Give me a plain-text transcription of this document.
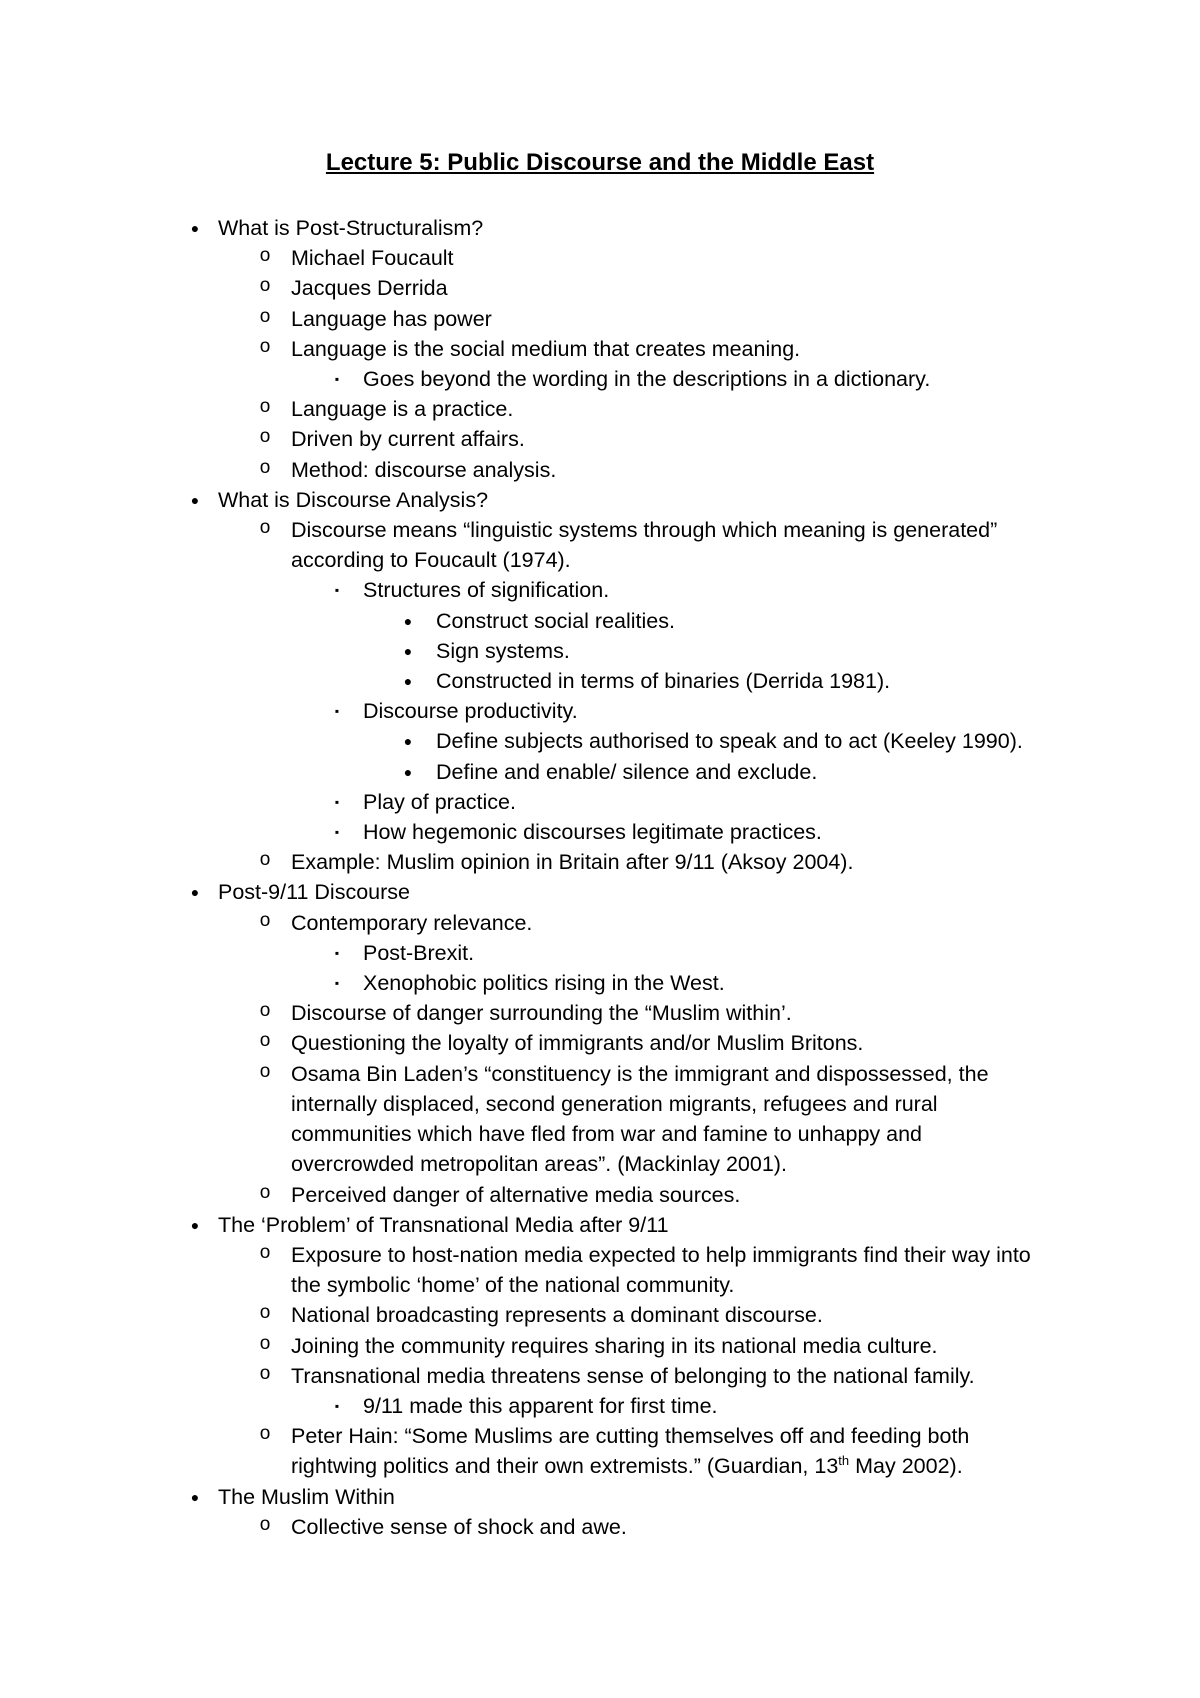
Lecture 5: Public Discourse and the Middle East
● What is Post-Structuralism?
o Michael Foucault
o Jacques Derrida
o Language has power
o Language is the social medium that creates meaning.
▪	Goes beyond the wording in the descriptions in a dictionary.
o Language is a practice.
o Driven by current affairs.
o Method: discourse analysis.
● What is Discourse Analysis?
o Discourse means “linguistic systems through which meaning is generated” according to Foucault (1974).
▪	Structures of signification.
●	Construct social realities.
●	Sign systems.
●	Constructed in terms of binaries (Derrida 1981).
▪	Discourse productivity.
●	Define subjects authorised to speak and to act (Keeley 1990).
●	Define and enable/ silence and exclude.
▪	Play of practice.
▪	How hegemonic discourses legitimate practices.
o Example: Muslim opinion in Britain after 9/11 (Aksoy 2004).
● Post-9/11 Discourse
o Contemporary relevance.
▪	Post-Brexit.
▪	Xenophobic politics rising in the West.
o Discourse of danger surrounding the “Muslim within’.
o Questioning the loyalty of immigrants and/or Muslim Britons.
o Osama Bin Laden’s “constituency is the immigrant and dispossessed, the internally displaced, second generation migrants, refugees and rural communities which have fled from war and famine to unhappy and overcrowded metropolitan areas”. (Mackinlay 2001).
o Perceived danger of alternative media sources.
● The ‘Problem’ of Transnational Media after 9/11
o Exposure to host-nation media expected to help immigrants find their way into the symbolic ‘home’ of the national community.
o National broadcasting represents a dominant discourse.
o Joining the community requires sharing in its national media culture.
o Transnational media threatens sense of belonging to the national family.
▪	9/11 made this apparent for first time.
o Peter Hain: “Some Muslims are cutting themselves off and feeding both rightwing politics and their own extremists.” (Guardian, 13th May 2002).
● The Muslim Within
o Collective sense of shock and awe.
